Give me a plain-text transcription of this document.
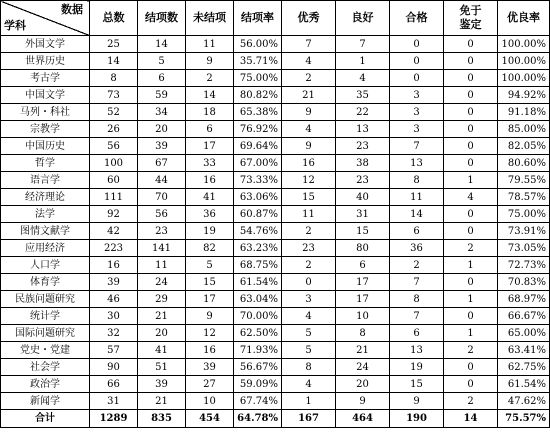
数据
学科	总数	结项数	未结项	结项率	优秀	良好	合格	免于鉴定	优良率
外国文学	25	14	11	56.00%	7	7	0	0	100.00%
世界历史	14	5	9	35.71%	4	1	0	0	100.00%
考古学	8	6	2	75.00%	2	4	0	0	100.00%
中国文学	73	59	14	80.82%	21	35	3	0	94.92%
马列・科社	52	34	18	65.38%	9	22	3	0	91.18%
宗教学	26	20	6	76.92%	4	13	3	0	85.00%
中国历史	56	39	17	69.64%	9	23	7	0	82.05%
哲学	100	67	33	67.00%	16	38	13	0	80.60%
语言学	60	44	16	73.33%	12	23	8	1	79.55%
经济理论	111	70	41	63.06%	15	40	11	4	78.57%
法学	92	56	36	60.87%	11	31	14	0	75.00%
图情文献学	42	23	19	54.76%	2	15	6	0	73.91%
应用经济	223	141	82	63.23%	23	80	36	2	73.05%
人口学	16	11	5	68.75%	2	6	2	1	72.73%
体育学	39	24	15	61.54%	0	17	7	0	70.83%
民族问题研究	46	29	17	63.04%	3	17	8	1	68.97%
统计学	30	21	9	70.00%	4	10	7	0	66.67%
国际问题研究	32	20	12	62.50%	5	8	6	1	65.00%
党史・党建	57	41	16	71.93%	5	21	13	2	63.41%
社会学	90	51	39	56.67%	8	24	19	0	62.75%
政治学	66	39	27	59.09%	4	20	15	0	61.54%
新闻学	31	21	10	67.74%	1	9	9	2	47.62%
合计	1289	835	454	64.78%	167	464	190	14	75.57%
